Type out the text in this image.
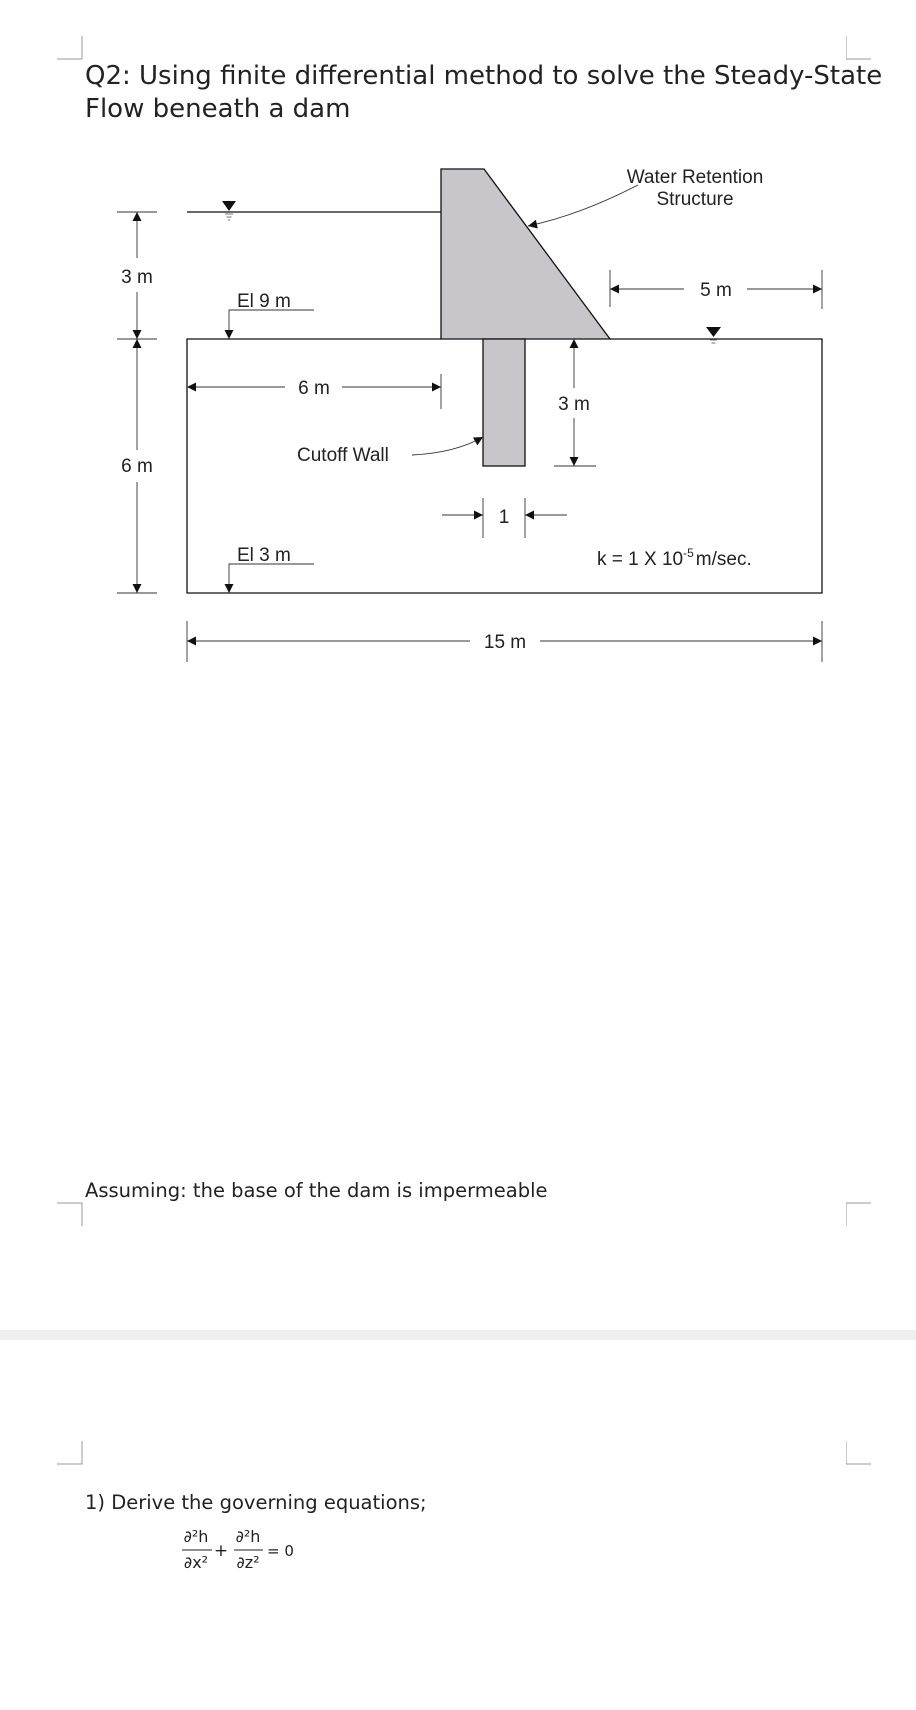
Q2: Using finite differential method to solve the Steady-State Flow beneath a dam
3 m
6 m
El 9 m
El 3 m
6 m
5 m
3 m
1
15 m
Water Retention
Structure
Cutoff Wall
k = 1 X $10^{-5}$ m/sec.

Assuming: the base of the dam is impermeable

1) Derive the governing equations;

∂²h
∂x²
+
∂²h
∂z²
= 0
